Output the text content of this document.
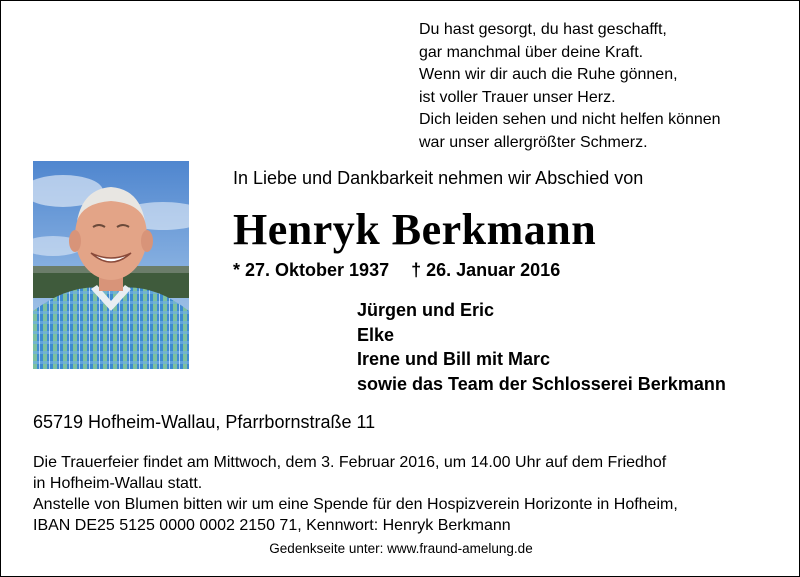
Du hast gesorgt, du hast geschafft,
gar manchmal über deine Kraft.
Wenn wir dir auch die Ruhe gönnen,
ist voller Trauer unser Herz.
Dich leiden sehen und nicht helfen können
war unser allergrößter Schmerz.
In Liebe und Dankbarkeit nehmen wir Abschied von
Henryk Berkmann
* 27. Oktober 1937 † 26. Januar 2016
Jürgen und Eric
Elke
Irene und Bill mit Marc
sowie das Team der Schlosserei Berkmann
65719 Hofheim-Wallau, Pfarrbornstraße 11
Die Trauerfeier findet am Mittwoch, dem 3. Februar 2016, um 14.00 Uhr auf dem Friedhof
in Hofheim-Wallau statt.
Anstelle von Blumen bitten wir um eine Spende für den Hospizverein Horizonte in Hofheim,
IBAN DE25 5125 0000 0002 2150 71, Kennwort: Henryk Berkmann
Gedenkseite unter: www.fraund-amelung.de
